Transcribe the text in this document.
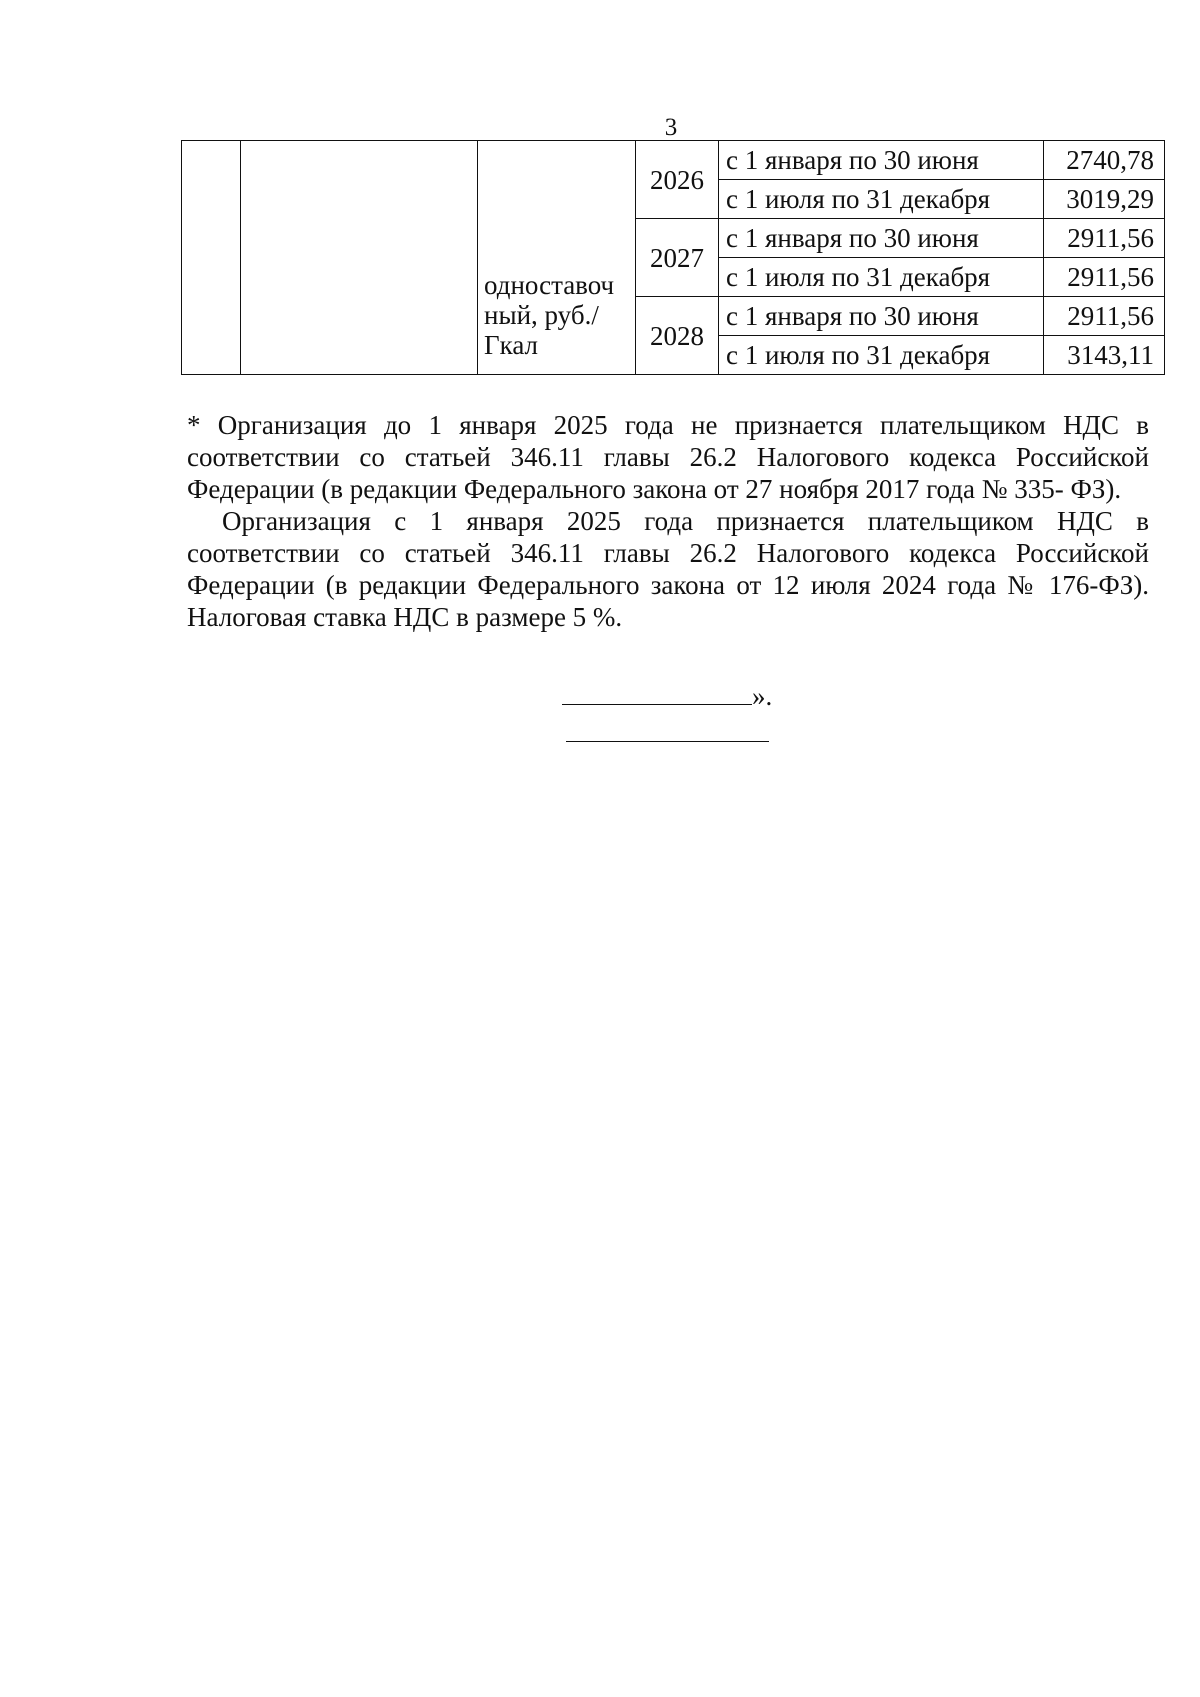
3
		одноставоч ный, руб./Гкал	2026	с 1 января по 30 июня	2740,78
				с 1 июля по 31 декабря	3019,29
			2027	с 1 января по 30 июня	2911,56
				с 1 июля по 31 декабря	2911,56
			2028	с 1 января по 30 июня	2911,56
				с 1 июля по 31 декабря	3143,11

* Организация до 1 января 2025 года не признается плательщиком НДС в соответствии со статьей 346.11 главы 26.2 Налогового кодекса Российской Федерации (в редакции Федерального закона от 27 ноября 2017 года № 335- ФЗ).

Организация с 1 января 2025 года признается плательщиком НДС в соответствии со статьей 346.11 главы 26.2 Налогового кодекса Российской Федерации (в редакции Федерального закона от 12 июля 2024 года № 176-ФЗ). Налоговая ставка НДС в размере 5 %.

».
